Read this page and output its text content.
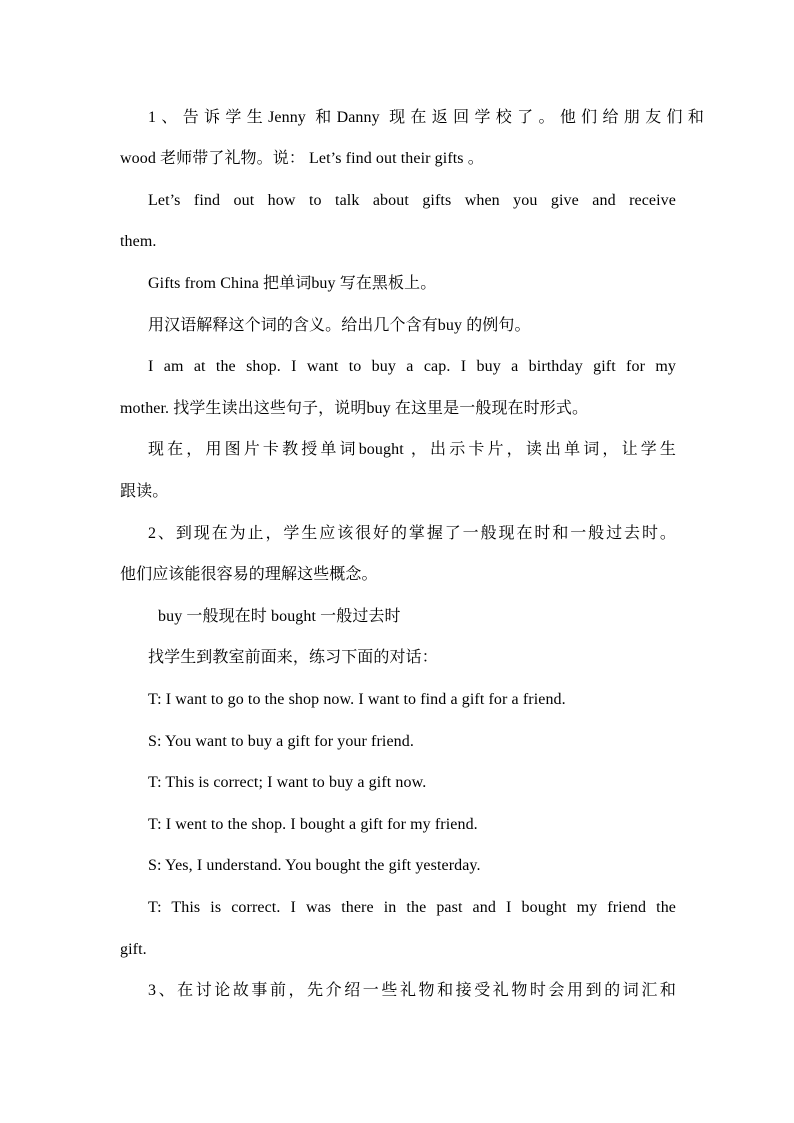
1、告诉学生Jenny 和Danny 现在返回学校了。他们给朋友们和
wood 老师带了礼物。说： Let’s find out their gifts 。
Let’s find out how to talk about gifts when you give and receive
them.
Gifts from China 把单词buy 写在黑板上。
用汉语解释这个词的含义。给出几个含有buy 的例句。
I am at the shop. I want to buy a cap. I buy a birthday gift for my
mother. 找学生读出这些句子，说明buy 在这里是一般现在时形式。
现在，用图片卡教授单词bought ，出示卡片，读出单词，让学生
跟读。
2、到现在为止，学生应该很好的掌握了一般现在时和一般过去时。
他们应该能很容易的理解这些概念。
buy 一般现在时 bought 一般过去时
找学生到教室前面来，练习下面的对话：
T: I want to go to the shop now. I want to find a gift for a friend.
S: You want to buy a gift for your friend.
T: This is correct; I want to buy a gift now.
T: I went to the shop. I bought a gift for my friend.
S: Yes, I understand. You bought the gift yesterday.
T: This is correct. I was there in the past and I bought my friend the
gift.
3、在讨论故事前，先介绍一些礼物和接受礼物时会用到的词汇和
